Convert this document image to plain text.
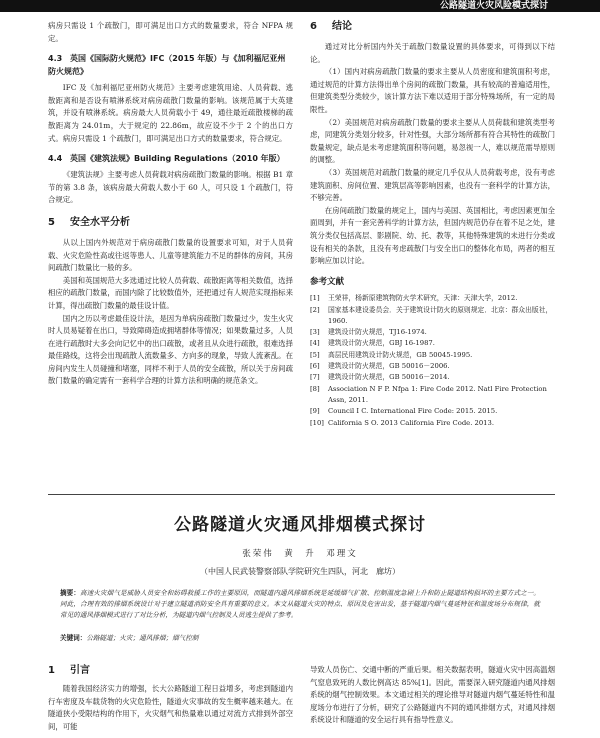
公路隧道火灾风险模式探讨

病房只需设 1 个疏散门，即可满足出口方式的数量要求，符合 NFPA 规定。

4.3 英国《国际防火规范》IFC（2015 年版）与《加利福尼亚州防火规范》

IFC 及《加利福尼亚州防火规范》主要考虑建筑用途、人员荷载、逃散距离和是否设有喷淋系统对病房疏散门数量的影响。该规范属于大英建筑，并设有喷淋系统。病房最大人员荷载小于 49，通往最近疏散楼梯的疏散距离为 24.01m，大于规定的 22.86m，故应设不少于 2 个的出口方式。病房只需设 1 个疏散门，即可满足出口方式的数量要求，符合规定。

4.4 英国《建筑法规》Building Regulations（2010 年版）

《建筑法规》主要考虑人员荷载对病房疏散门数量的影响。根据 B1 章节的第 3.8 条，该病房最大荷载人数小于 60 人，可只设 1 个疏散门，符合规定。

5 安全水平分析

从以上国内外规范对于病房疏散门数量的设置要求可知，对于人员荷载、火灾危险性高或往返等患人、儿童等建筑能力不足的群体的房间，其房间疏散门数量比一般的多。

美国和英国规范大多选通过比较人员荷载、疏散距离等相关数值，选择相应的疏散门数量，而国内除了比较数值外，还把通过有人规范实现指标来计算，得出疏散门数量的最佳设计值。

国内之历以考虑最佳设计法，是因为单病房疏散门数量过少，发生火灾时人员易疑着在出口，导致障碍造成拥堵群体等情况；如果数量过多，人员在进行疏散时大多会向记忆中的出口疏散，或者且从众进行疏散，很难选择最佳路线，这将会出现疏散人流数量多、方向多的现象，导致人流紊乱。在房间内发生人员碰撞和堵塞，同样不利于人员的安全疏散，所以关于房间疏散门数量的确定需有一套科学合理的计算方法和明确的规范条文。

6 结论

通过对比分析国内外关于疏散门数量设置的具体要求，可得到以下结论。

（1）国内对病房疏散门数量的要求主要从人员密度和建筑面积考虑，通过规范的计算方法得出单个房间的疏散门数量，具有较高的普遍适用性，但建筑类型分类较少，该计算方法下难以适用于部分特殊场所，有一定的局限性。

（2）美国规范对病房疏散门数量的要求主要从人员荷载和建筑类型考虑，同建筑分类划分较多，针对性强，大部分场所都有符合其特性的疏散门数量规定，缺点是未考虑建筑面积等问题，易忽视一人，难以规范需导原则的调整。

（3）英国规范对疏散门数量的规定几乎仅从人员荷载考虑，没有考虑建筑面积、房间位置、建筑层高等影响因素，也没有一套科学的计算方法，不够完善。

在房间疏散门数量的规定上，国内与美国、英国相比，考虑因素更加全面周到，并有一套完善科学的计算方法，但国内规范仍存在着不足之处，建筑分类仅包括高层、影剧院、幼、托、教等，其他特殊建筑的未进行分类或设有相关的条款，且没有考虑疏散门与安全出口的整体化布局，两者的相互影响应加以讨论。

参考文献
[1]	王荣祥，杨新原建筑物防火学术研究，天津：天津大学，2012.
[2]	国家基本建设委员会．关于建筑设计防火的原则规定．北京：群众出版社，1960.
[3]	建筑设计防火规范，TJ16-1974.
[4]	建筑设计防火规范，GBJ 16-1987.
[5]	高层民用建筑设计防火规范，GB 50045-1995.
[6]	建筑设计防火规范，GB 50016－2006.
[7]	建筑设计防火规范，GB 50016－2014.
[8]	Association N F P. Nfpa 1: Fire Code 2012. Natl Fire Protection Assn, 2011.
[9]	Council I C. International Fire Code: 2015. 2015.
[10] California S O. 2013 California Fire Code. 2013.
公路隧道火灾通风排烟模式探讨
张荣伟　黄　升　邓理文
（中国人民武装警察部队学院研究生四队，河北　廊坊）
摘要：高速火灾烟气是威胁人员安全和妨碍救援工作的主要原因，而隧道内通风排烟系统是延缓烟气扩散、控制温度急剧上升和防止隧道结构损坏的主要方式之一。同此，合理有效的排烟系统设计对于建立隧道消防安全具有重要的意义。本文从隧道火灾的特点、原因及危害出发，基于隧道内烟气蔓延特征和温度场分布规律，就常见的通风排烟模式进行了对比分析，为隧道内烟气控制及人员逃生提供了参考。
关键词：公路隧道；火灾；通风排烟；烟气控制
1 引言

随着我国经济实力的增强，长大公路隧道工程日益增多，考虑到隧道内行车密度及车载货物的火灾危险性，隧道火灾事故的发生概率越来越大。在隧道狭小受限结构的作用下，火灾烟气和热量难以通过对流方式排到外部空间，可能

导致人员伤亡、交通中断的严重后果。相关数据表明，隧道火灾中因高温烟气窒息致死的人数比例高达 85%[1]。因此，需要深入研究隧道内通风排烟系统的烟气控制效果。本文通过相关的理论推导对隧道内烟气蔓延特性和温度场分布进行了分析，研究了公路隧道内不同的通风排烟方式，对通风排烟系统设计和隧道的安全运行具有指导性意义。
